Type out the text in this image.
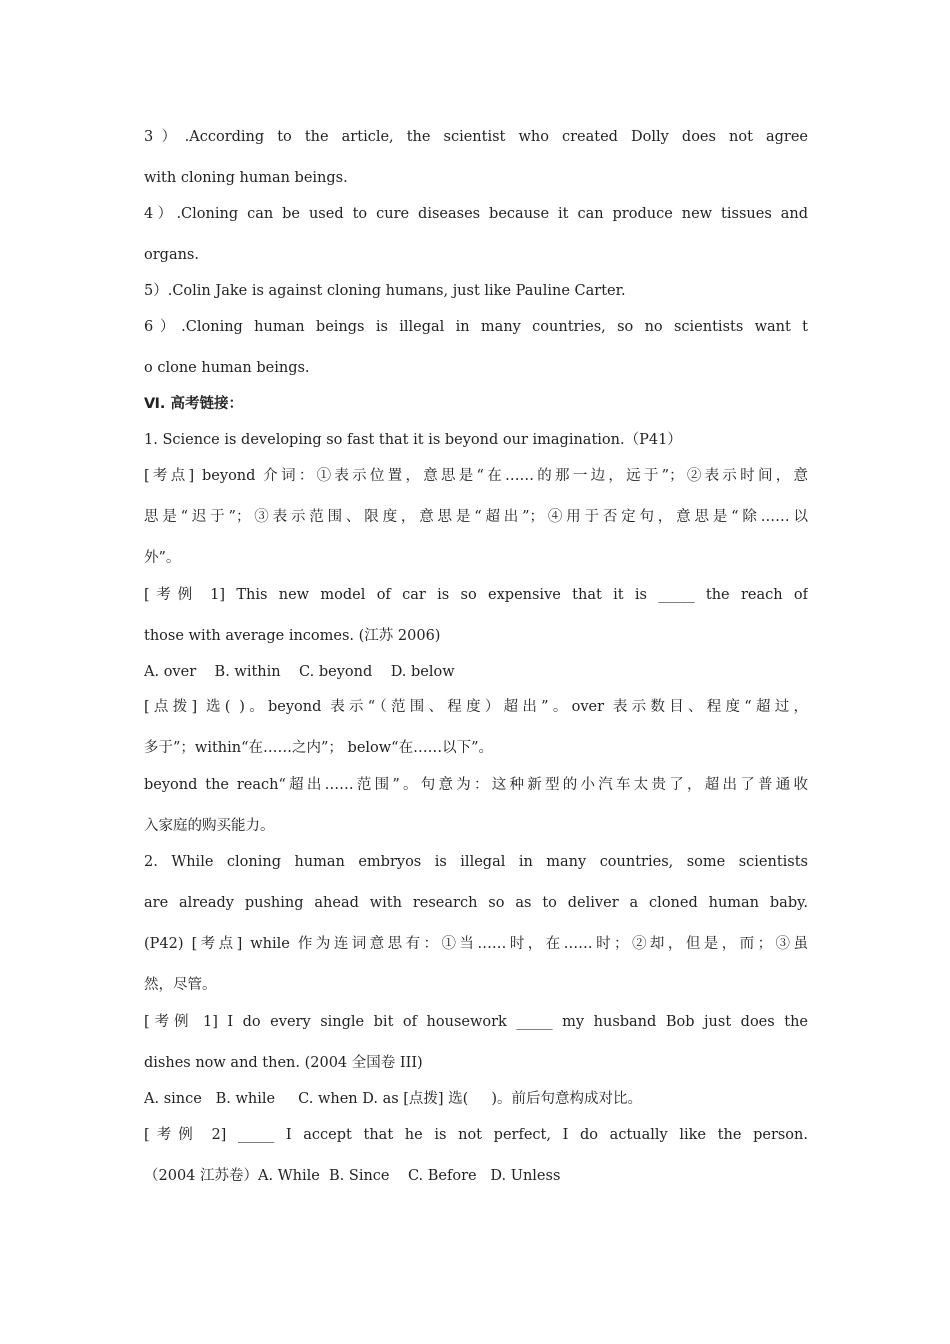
3）.According to the article, the scientist who created Dolly does not agree
with cloning human beings.
4）.Cloning can be used to cure diseases because it can produce new tissues and
organs.
5）.Colin Jake is against cloning humans, just like Pauline Carter.
6）.Cloning human beings is illegal in many countries, so no scientists want t
o clone human beings.
Ⅵ. 高考链接：
1. Science is developing so fast that it is beyond our imagination.（P41）
[考点] beyond 介词：①表示位置，意思是“在……的那一边，远于”；②表示时间，意
思是“迟于”；③表示范围、限度，意思是“超出”；④用于否定句，意思是“除……以
外”。
[考例 1] This new model of car is so expensive that it is _____ the reach of
those with average incomes. (江苏 2006)
A. over    B. within    C. beyond    D. below
[点拨] 选( )。beyond 表示“（范围、程度）超出”。over 表示数目、程度“超过，
多于”；within“在……之内”； below“在……以下”。
beyond the reach“超出……范围”。句意为：这种新型的小汽车太贵了，超出了普通收
入家庭的购买能力。
2. While cloning human embryos is illegal in many countries, some scientists
are already pushing ahead with research so as to deliver a cloned human baby.
(P42) [考点] while 作为连词意思有：①当……时，在……时；②却，但是，而；③虽
然，尽管。
[考例 1] I do every single bit of housework _____ my husband Bob just does the
dishes now and then. (2004 全国卷 III)
A. since   B. while     C. when D. as [点拨] 选(     )。前后句意构成对比。
[考例 2] _____ I accept that he is not perfect, I do actually like the person.
（2004 江苏卷）A. While  B. Since    C. Before   D. Unless
